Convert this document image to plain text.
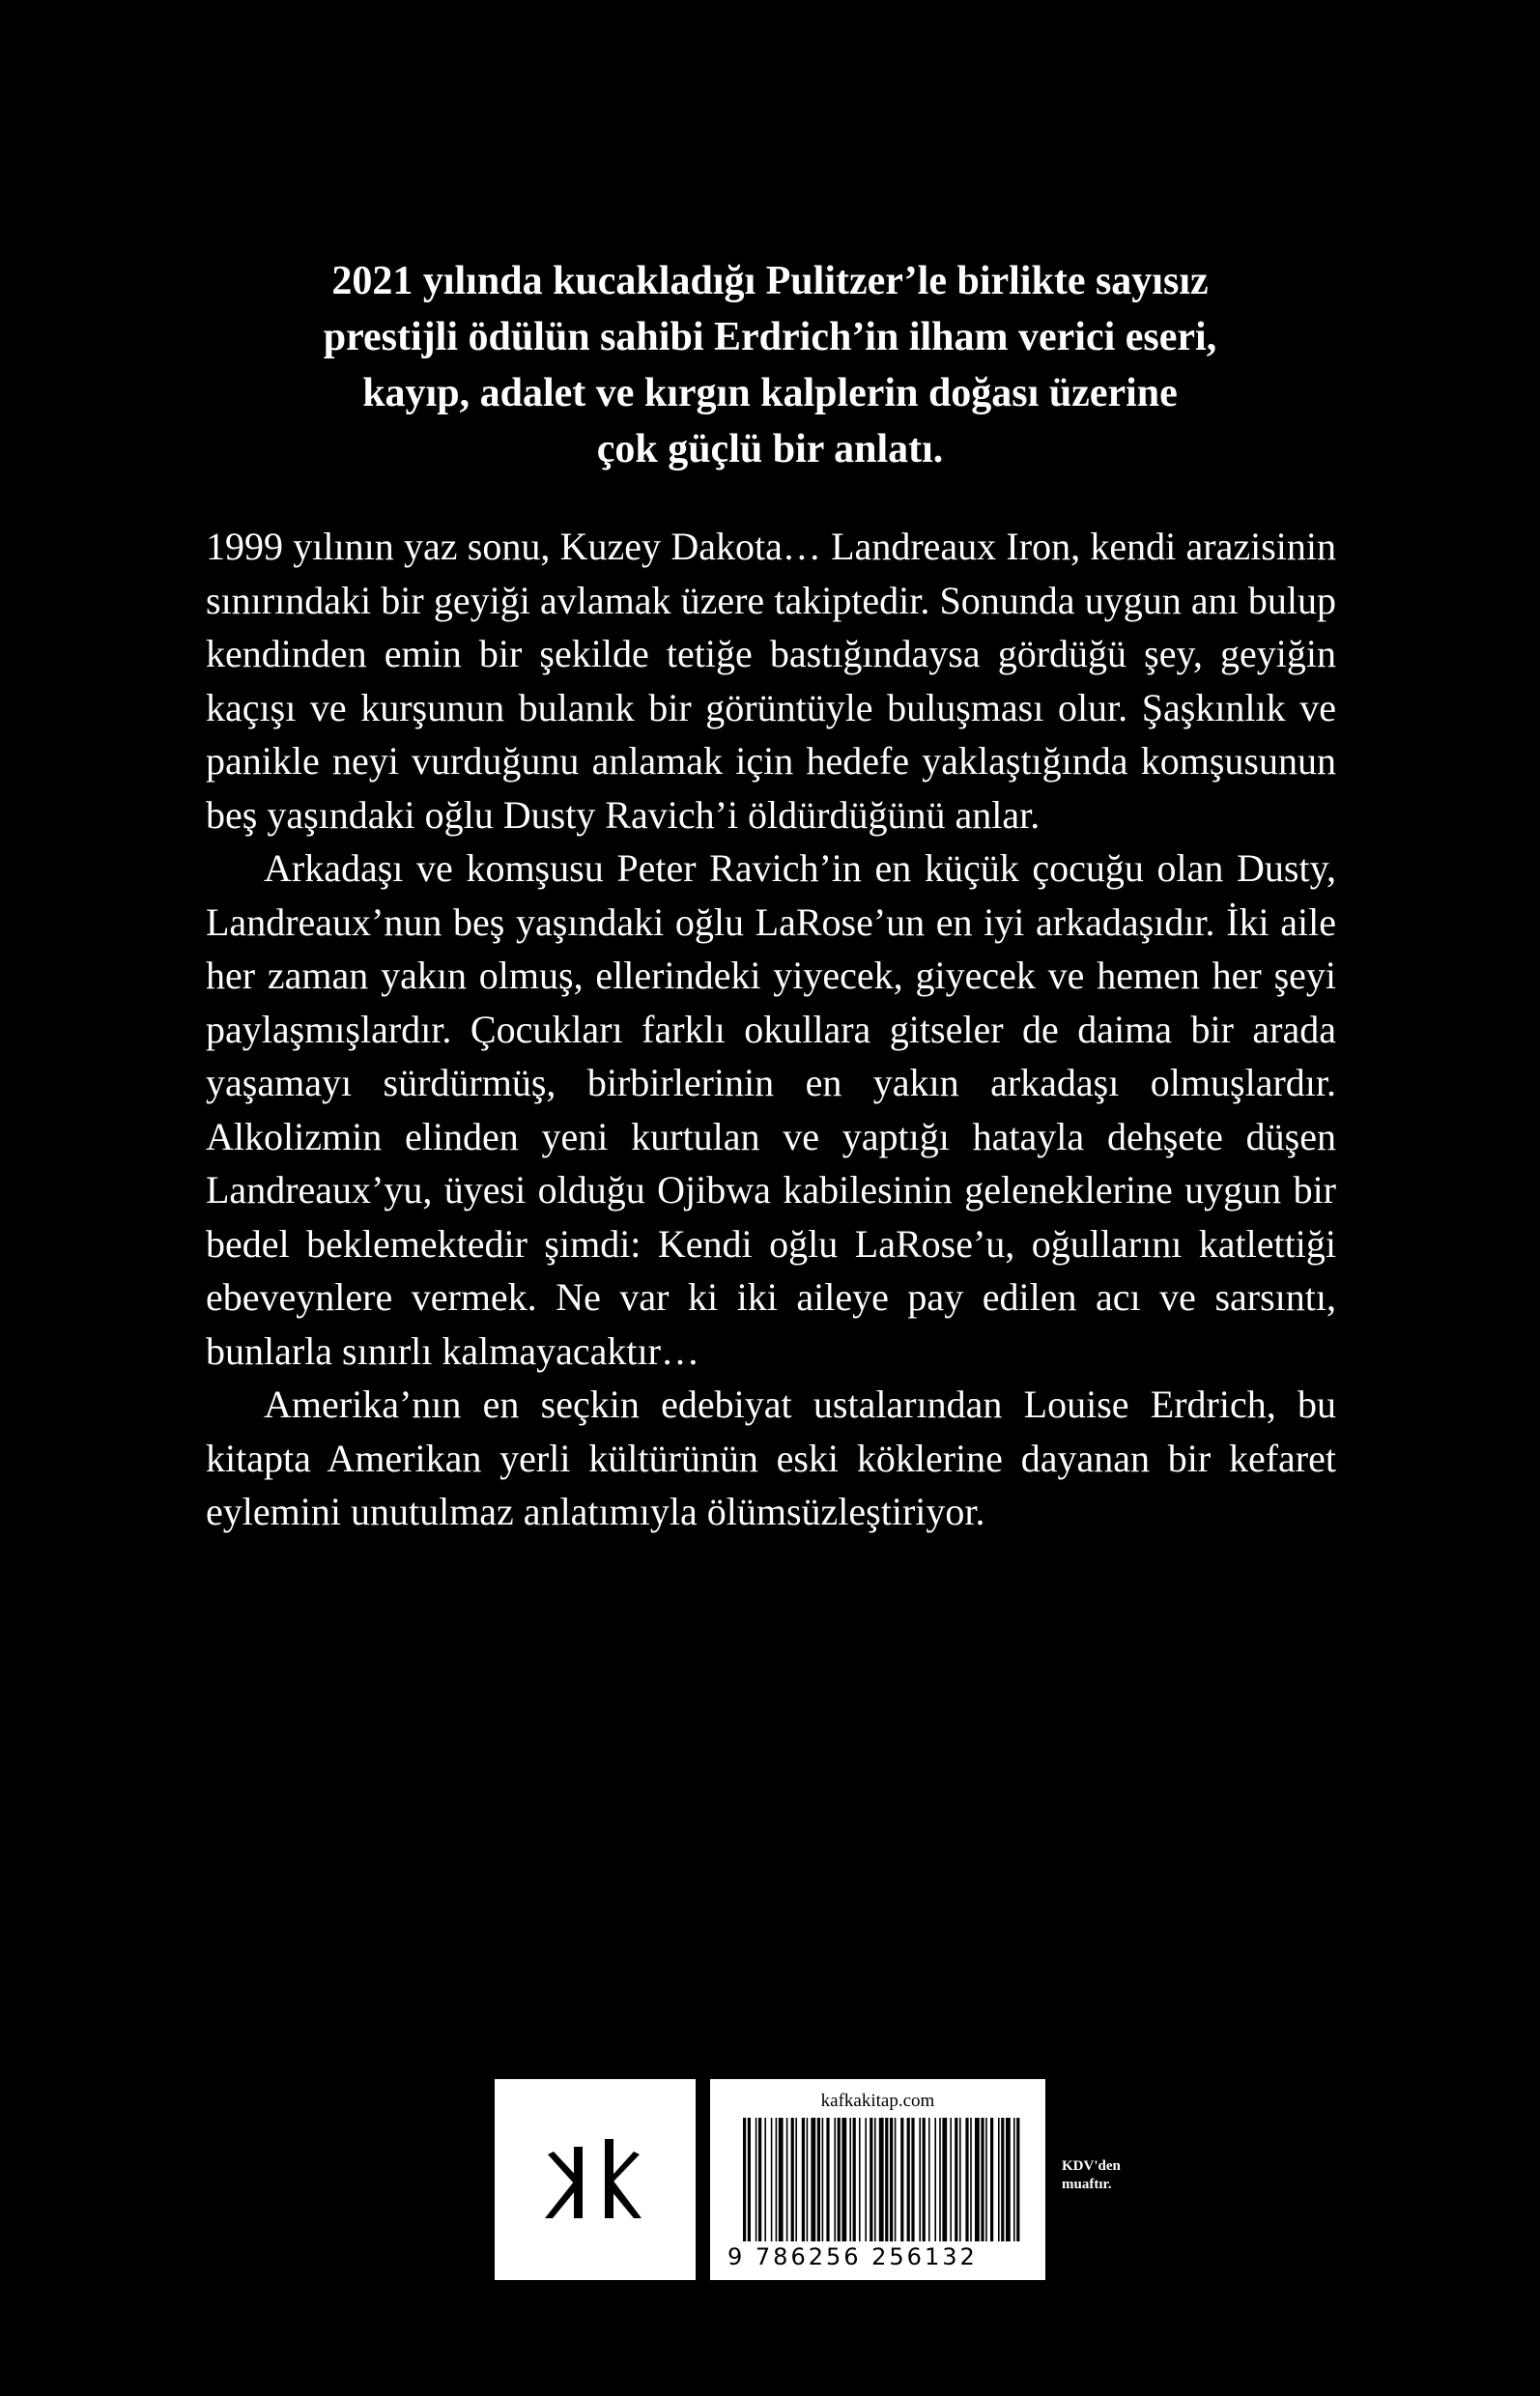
2021 yılında kucakladığı Pulitzer’le birlikte sayısız
prestijli ödülün sahibi Erdrich’in ilham verici eseri,
kayıp, adalet ve kırgın kalplerin doğası üzerine
çok güçlü bir anlatı.

1999 yılının yaz sonu, Kuzey Dakota… Landreaux Iron, kendi arazisinin sınırındaki bir geyiği avlamak üzere takiptedir. Sonunda uygun anı bulup kendinden emin bir şekilde tetiğe bastığındaysa gördüğü şey, geyiğin kaçışı ve kurşunun bulanık bir görüntüyle buluşması olur. Şaşkınlık ve panikle neyi vurduğunu anlamak için hedefe yaklaştığında komşusunun beş yaşındaki oğlu Dusty Ravich’i öldürdüğünü anlar.

Arkadaşı ve komşusu Peter Ravich’in en küçük çocuğu olan Dusty, Landreaux’nun beş yaşındaki oğlu LaRose’un en iyi arkadaşıdır. İki aile her zaman yakın olmuş, ellerindeki yiyecek, giyecek ve hemen her şeyi paylaşmışlardır. Çocukları farklı okullara gitseler de daima bir arada yaşamayı sürdürmüş, birbirlerinin en yakın arkadaşı olmuşlardır. Alkolizmin elinden yeni kurtulan ve yaptığı hatayla dehşete düşen Landreaux’yu, üyesi olduğu Ojibwa kabilesinin geleneklerine uygun bir bedel beklemektedir şimdi: Kendi oğlu LaRose’u, oğullarını katlettiği ebeveynlere vermek. Ne var ki iki aileye pay edilen acı ve sarsıntı, bunlarla sınırlı kalmayacaktır…

Amerika’nın en seçkin edebiyat ustalarından Louise Erdrich, bu kitapta Amerikan yerli kültürünün eski köklerine dayanan bir kefaret eylemini unutulmaz anlatımıyla ölümsüzleştiriyor.

kafkakitap.com
9 786256 256132
KDV'den
muaftır.
